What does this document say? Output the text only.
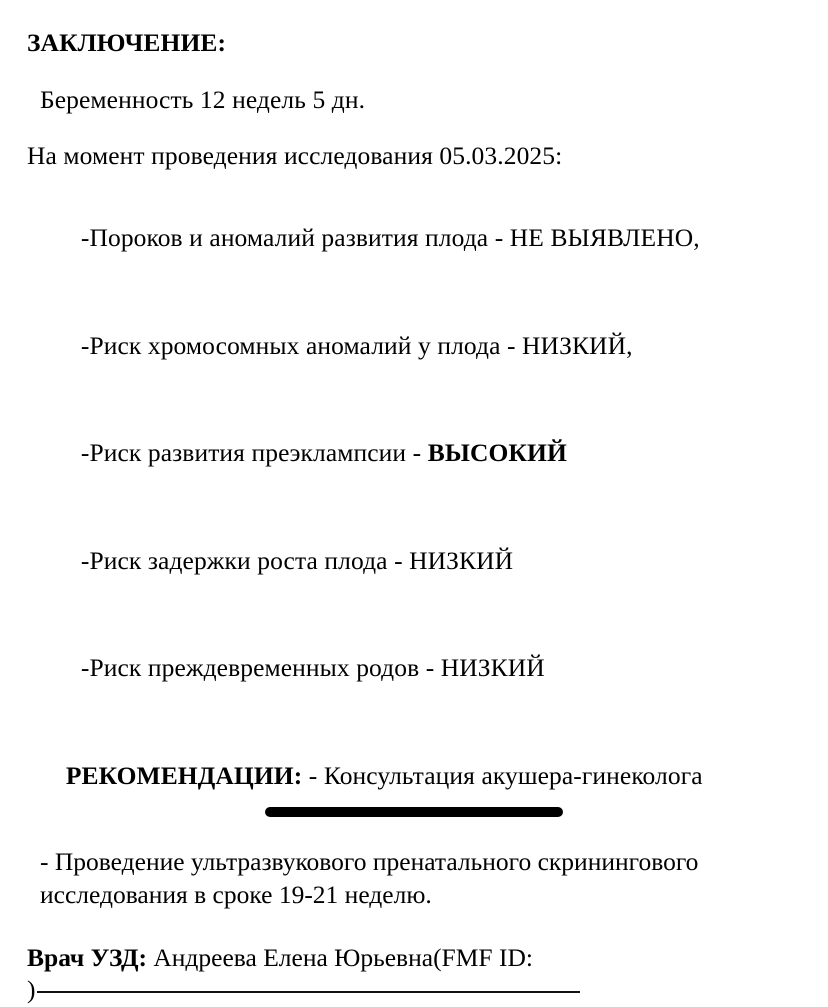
ЗАКЛЮЧЕНИЕ:
Беременность 12 недель 5 дн.
На момент проведения исследования 05.03.2025:

-Пороков и аномалий развития плода - НЕ ВЫЯВЛЕНО,

-Риск хромосомных аномалий у плода - НИЗКИЙ,

-Риск развития преэклампсии - ВЫСОКИЙ

-Риск задержки роста плода - НИЗКИЙ

-Риск преждевременных родов - НИЗКИЙ

РЕКОМЕНДАЦИИ: - Консультация акушера-гинеколога

- Проведение ультразвукового пренатального скринингового исследования в сроке 19-21 неделю.
Врач УЗД: Андреева Елена Юрьевна(FMF ID:
)
